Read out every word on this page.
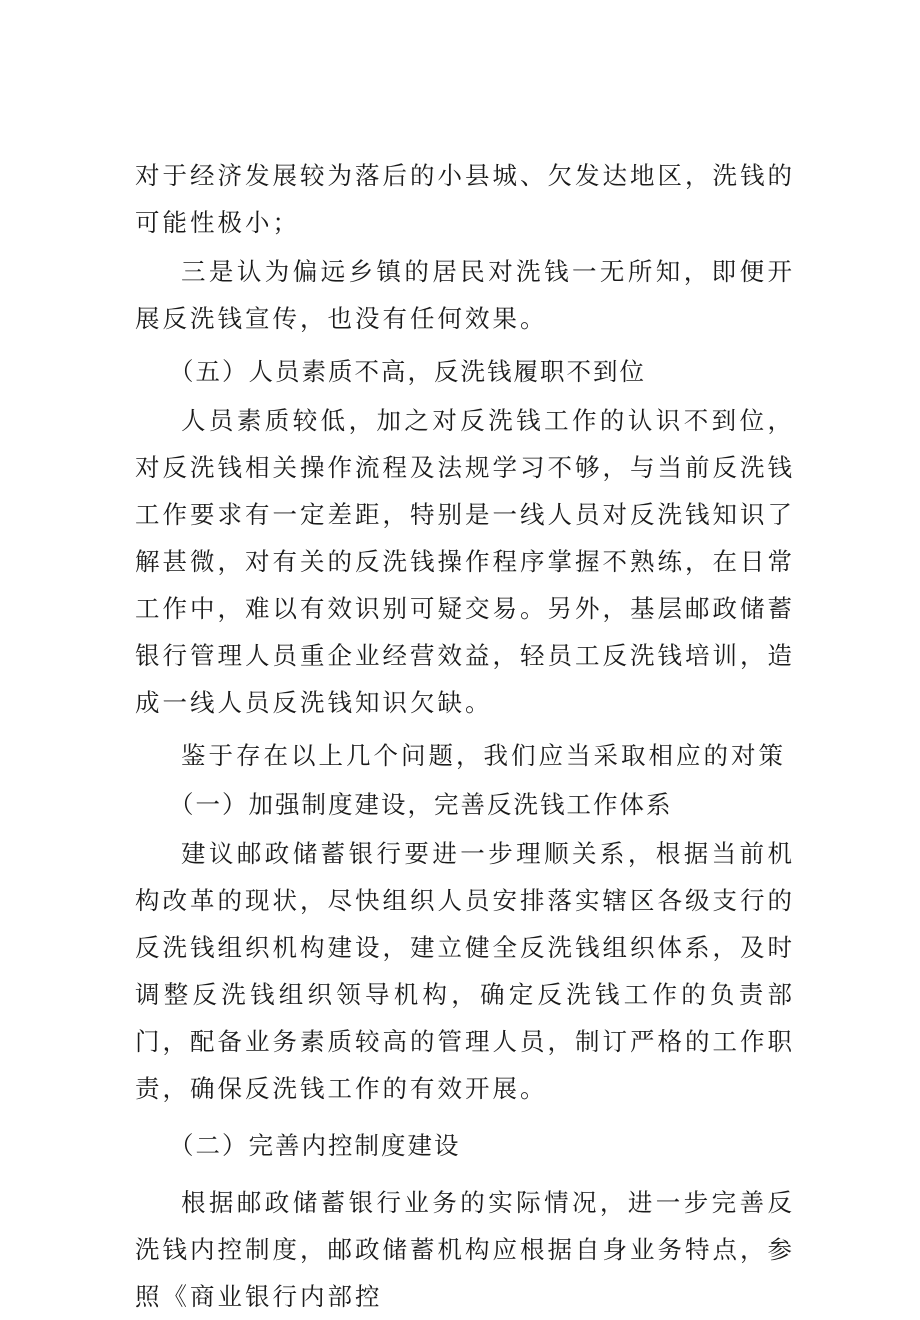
对于经济发展较为落后的小县城、欠发达地区，洗钱的可能性极小；

三是认为偏远乡镇的居民对洗钱一无所知，即便开展反洗钱宣传，也没有任何效果。

（五）人员素质不高，反洗钱履职不到位

人员素质较低，加之对反洗钱工作的认识不到位，对反洗钱相关操作流程及法规学习不够，与当前反洗钱工作要求有一定差距，特别是一线人员对反洗钱知识了解甚微，对有关的反洗钱操作程序掌握不熟练，在日常工作中，难以有效识别可疑交易。另外，基层邮政储蓄银行管理人员重企业经营效益，轻员工反洗钱培训，造成一线人员反洗钱知识欠缺。

鉴于存在以上几个问题，我们应当采取相应的对策

（一）加强制度建设，完善反洗钱工作体系

建议邮政储蓄银行要进一步理顺关系，根据当前机构改革的现状，尽快组织人员安排落实辖区各级支行的反洗钱组织机构建设，建立健全反洗钱组织体系，及时调整反洗钱组织领导机构，确定反洗钱工作的负责部门，配备业务素质较高的管理人员，制订严格的工作职责，确保反洗钱工作的有效开展。

（二）完善内控制度建设

根据邮政储蓄银行业务的实际情况，进一步完善反洗钱内控制度，邮政储蓄机构应根据自身业务特点，参照《商业银行内部控
